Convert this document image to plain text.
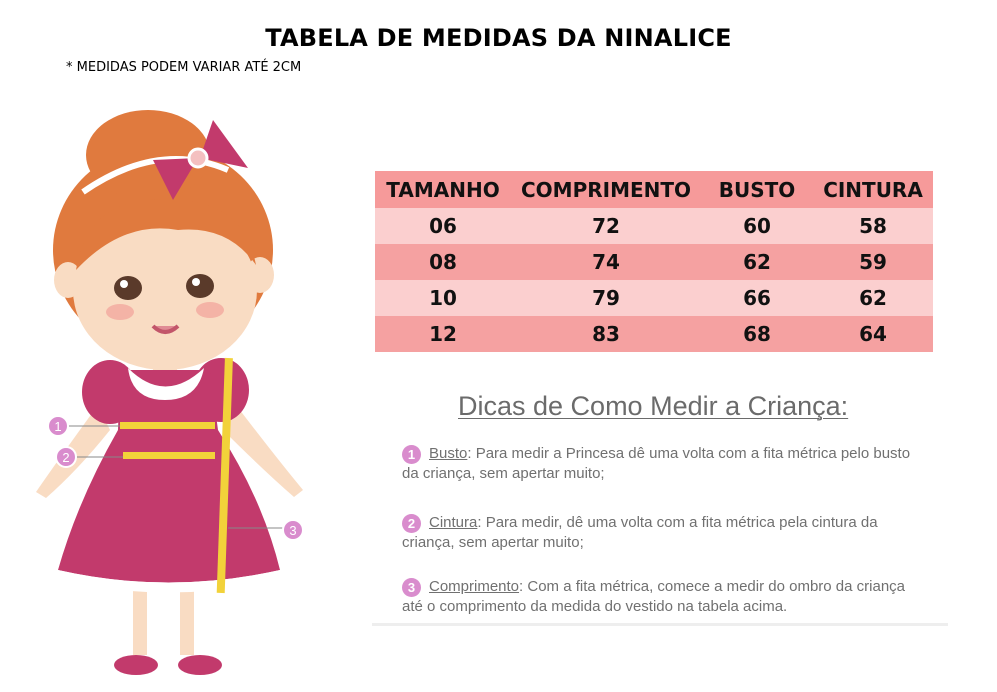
TABELA DE MEDIDAS DA NINALICE
* MEDIDAS PODEM VARIAR ATÉ 2CM
1
2
3
TAMANHO	COMPRIMENTO	BUSTO	CINTURA
06	72	60	58
08	74	62	59
10	79	66	62
12	83	68	64
Dicas de Como Medir a Criança:
1 Busto: Para medir a Princesa dê uma volta com a fita métrica pelo busto
da criança, sem apertar muito;
2 Cintura: Para medir, dê uma volta com a fita métrica pela cintura da
criança, sem apertar muito;
3 Comprimento: Com a fita métrica, comece a medir do ombro da criança
até o comprimento da medida do vestido na tabela acima.
